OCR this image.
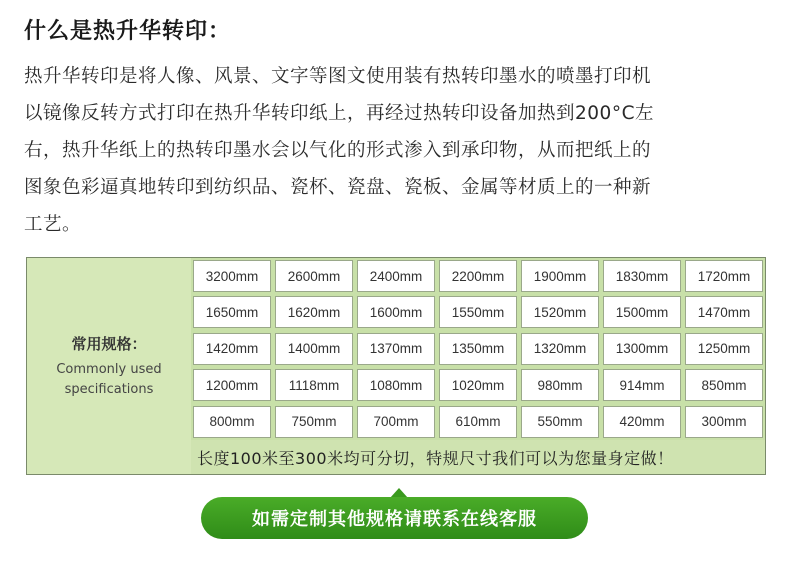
什么是热升华转印：

热升华转印是将人像、风景、文字等图文使用装有热转印墨水的喷墨打印机

以镜像反转方式打印在热升华转印纸上，再经过热转印设备加热到200°C左

右，热升华纸上的热转印墨水会以气化的形式渗入到承印物，从而把纸上的

图象色彩逼真地转印到纺织品、瓷杯、瓷盘、瓷板、金属等材质上的一种新

工艺。

常用规格：
Commonly used
specifications
3200mm	2600mm	2400mm	2200mm	1900mm	1830mm	1720mm
1650mm	1620mm	1600mm	1550mm	1520mm	1500mm	1470mm
1420mm	1400mm	1370mm	1350mm	1320mm	1300mm	1250mm
1200mm	1118mm	1080mm	1020mm	980mm	914mm	850mm
800mm	750mm	700mm	610mm	550mm	420mm	300mm
长度100米至300米均可分切，特规尺寸我们可以为您量身定做！
如需定制其他规格请联系在线客服
